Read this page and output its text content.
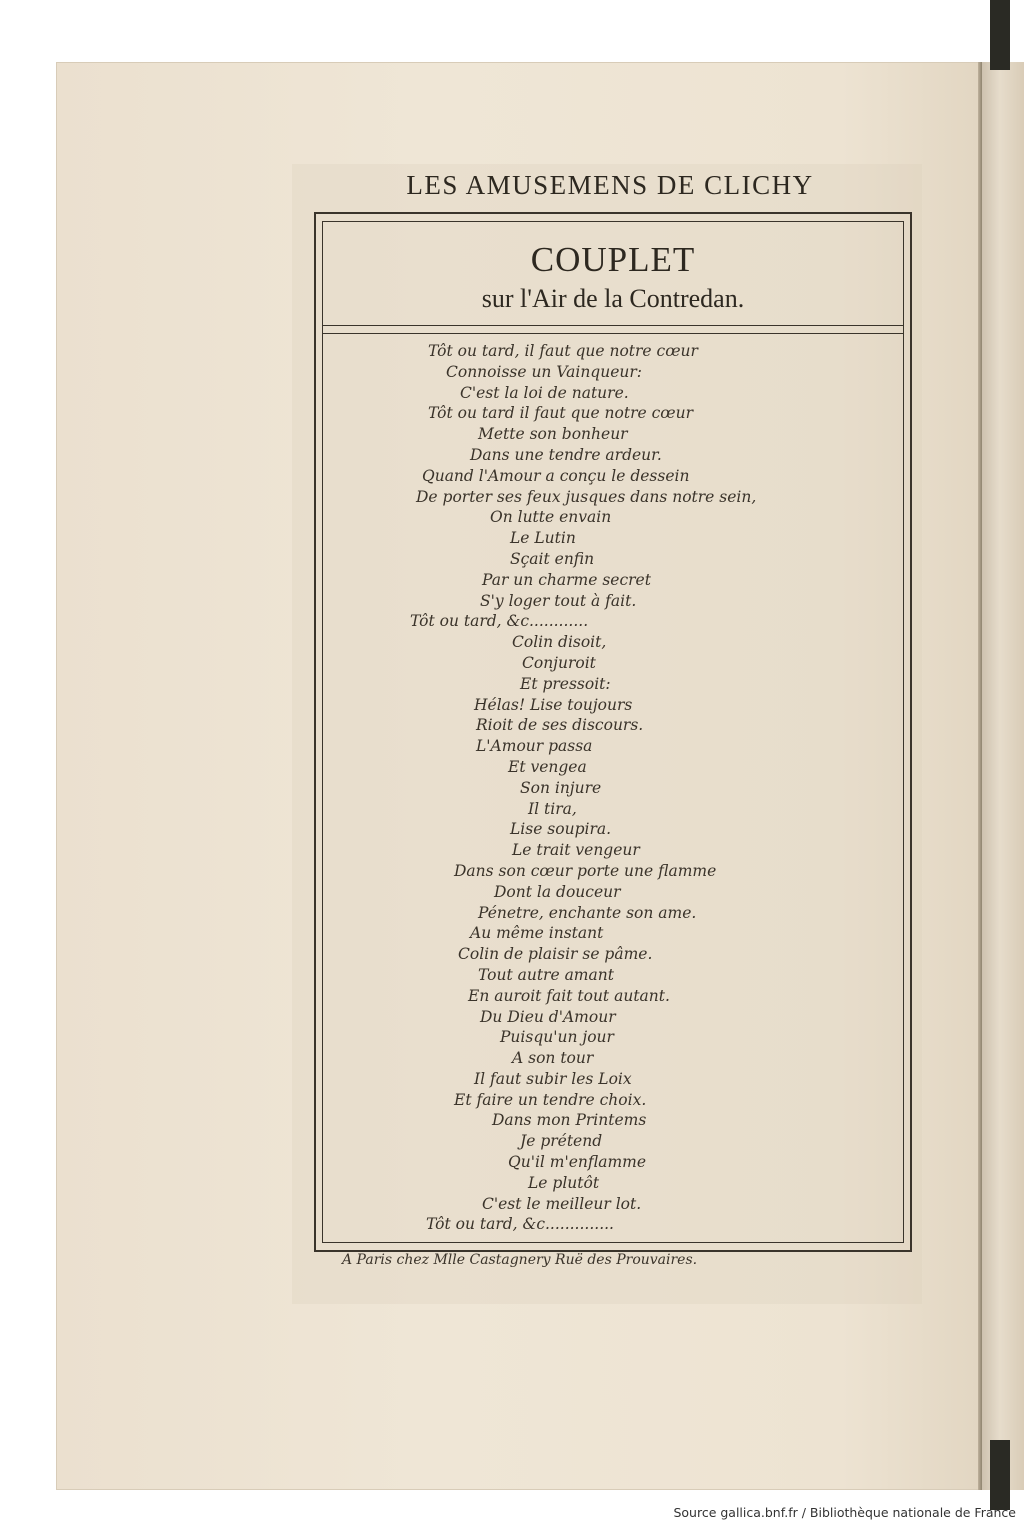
LES AMUSEMENS DE CLICHY
COUPLET
sur l'Air de la Contredan.
Tôt ou tard, il faut que notre cœur
Connoisse un Vainqueur:
C'est la loi de nature.
Tôt ou tard il faut que notre cœur
Mette son bonheur
Dans une tendre ardeur.
Quand l'Amour a conçu le dessein
De porter ses feux jusques dans notre sein,
On lutte envain
Le Lutin
Sçait enfin
Par un charme secret
S'y loger tout à fait.
Tôt ou tard, &c............
Colin disoit,
Conjuroit
Et pressoit:
Hélas! Lise toujours
Rioit de ses discours.
L'Amour passa
Et vengea
Son injure
Il tira,
Lise soupira.
Le trait vengeur
Dans son cœur porte une flamme
Dont la douceur
Pénetre, enchante son ame.
Au même instant
Colin de plaisir se pâme.
Tout autre amant
En auroit fait tout autant.
Du Dieu d'Amour
Puisqu'un jour
A son tour
Il faut subir les Loix
Et faire un tendre choix.
Dans mon Printems
Je prétend
Qu'il m'enflamme
Le plutôt
C'est le meilleur lot.
Tôt ou tard, &c..............
A Paris chez Mlle Castagnery Ruë des Prouvaires.
Source gallica.bnf.fr / Bibliothèque nationale de France
